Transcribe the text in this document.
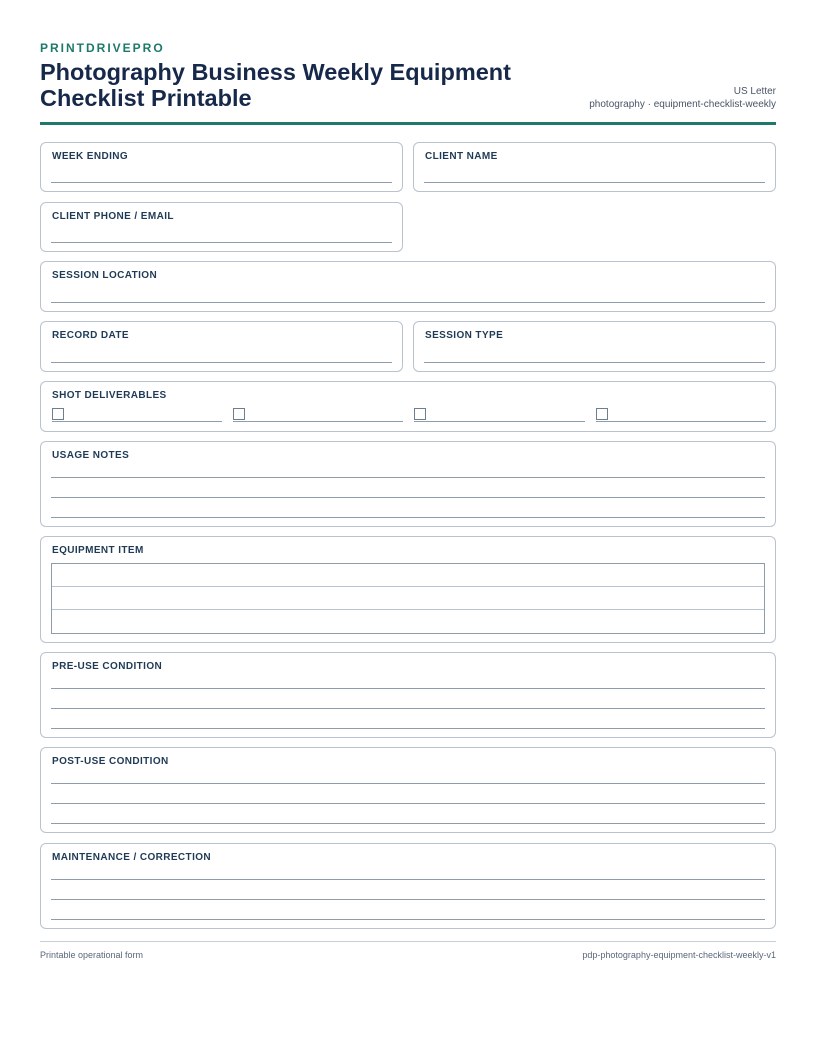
PRINTDRIVEPRO
Photography Business Weekly Equipment Checklist Printable	US Letter
photography · equipment-checklist-weekly
WEEK ENDING	CLIENT NAME
CLIENT PHONE / EMAIL
SESSION LOCATION
RECORD DATE	SESSION TYPE
SHOT DELIVERABLES
USAGE NOTES
EQUIPMENT ITEM
PRE-USE CONDITION
POST-USE CONDITION
MAINTENANCE / CORRECTION
Printable operational form	pdp-photography-equipment-checklist-weekly-v1
